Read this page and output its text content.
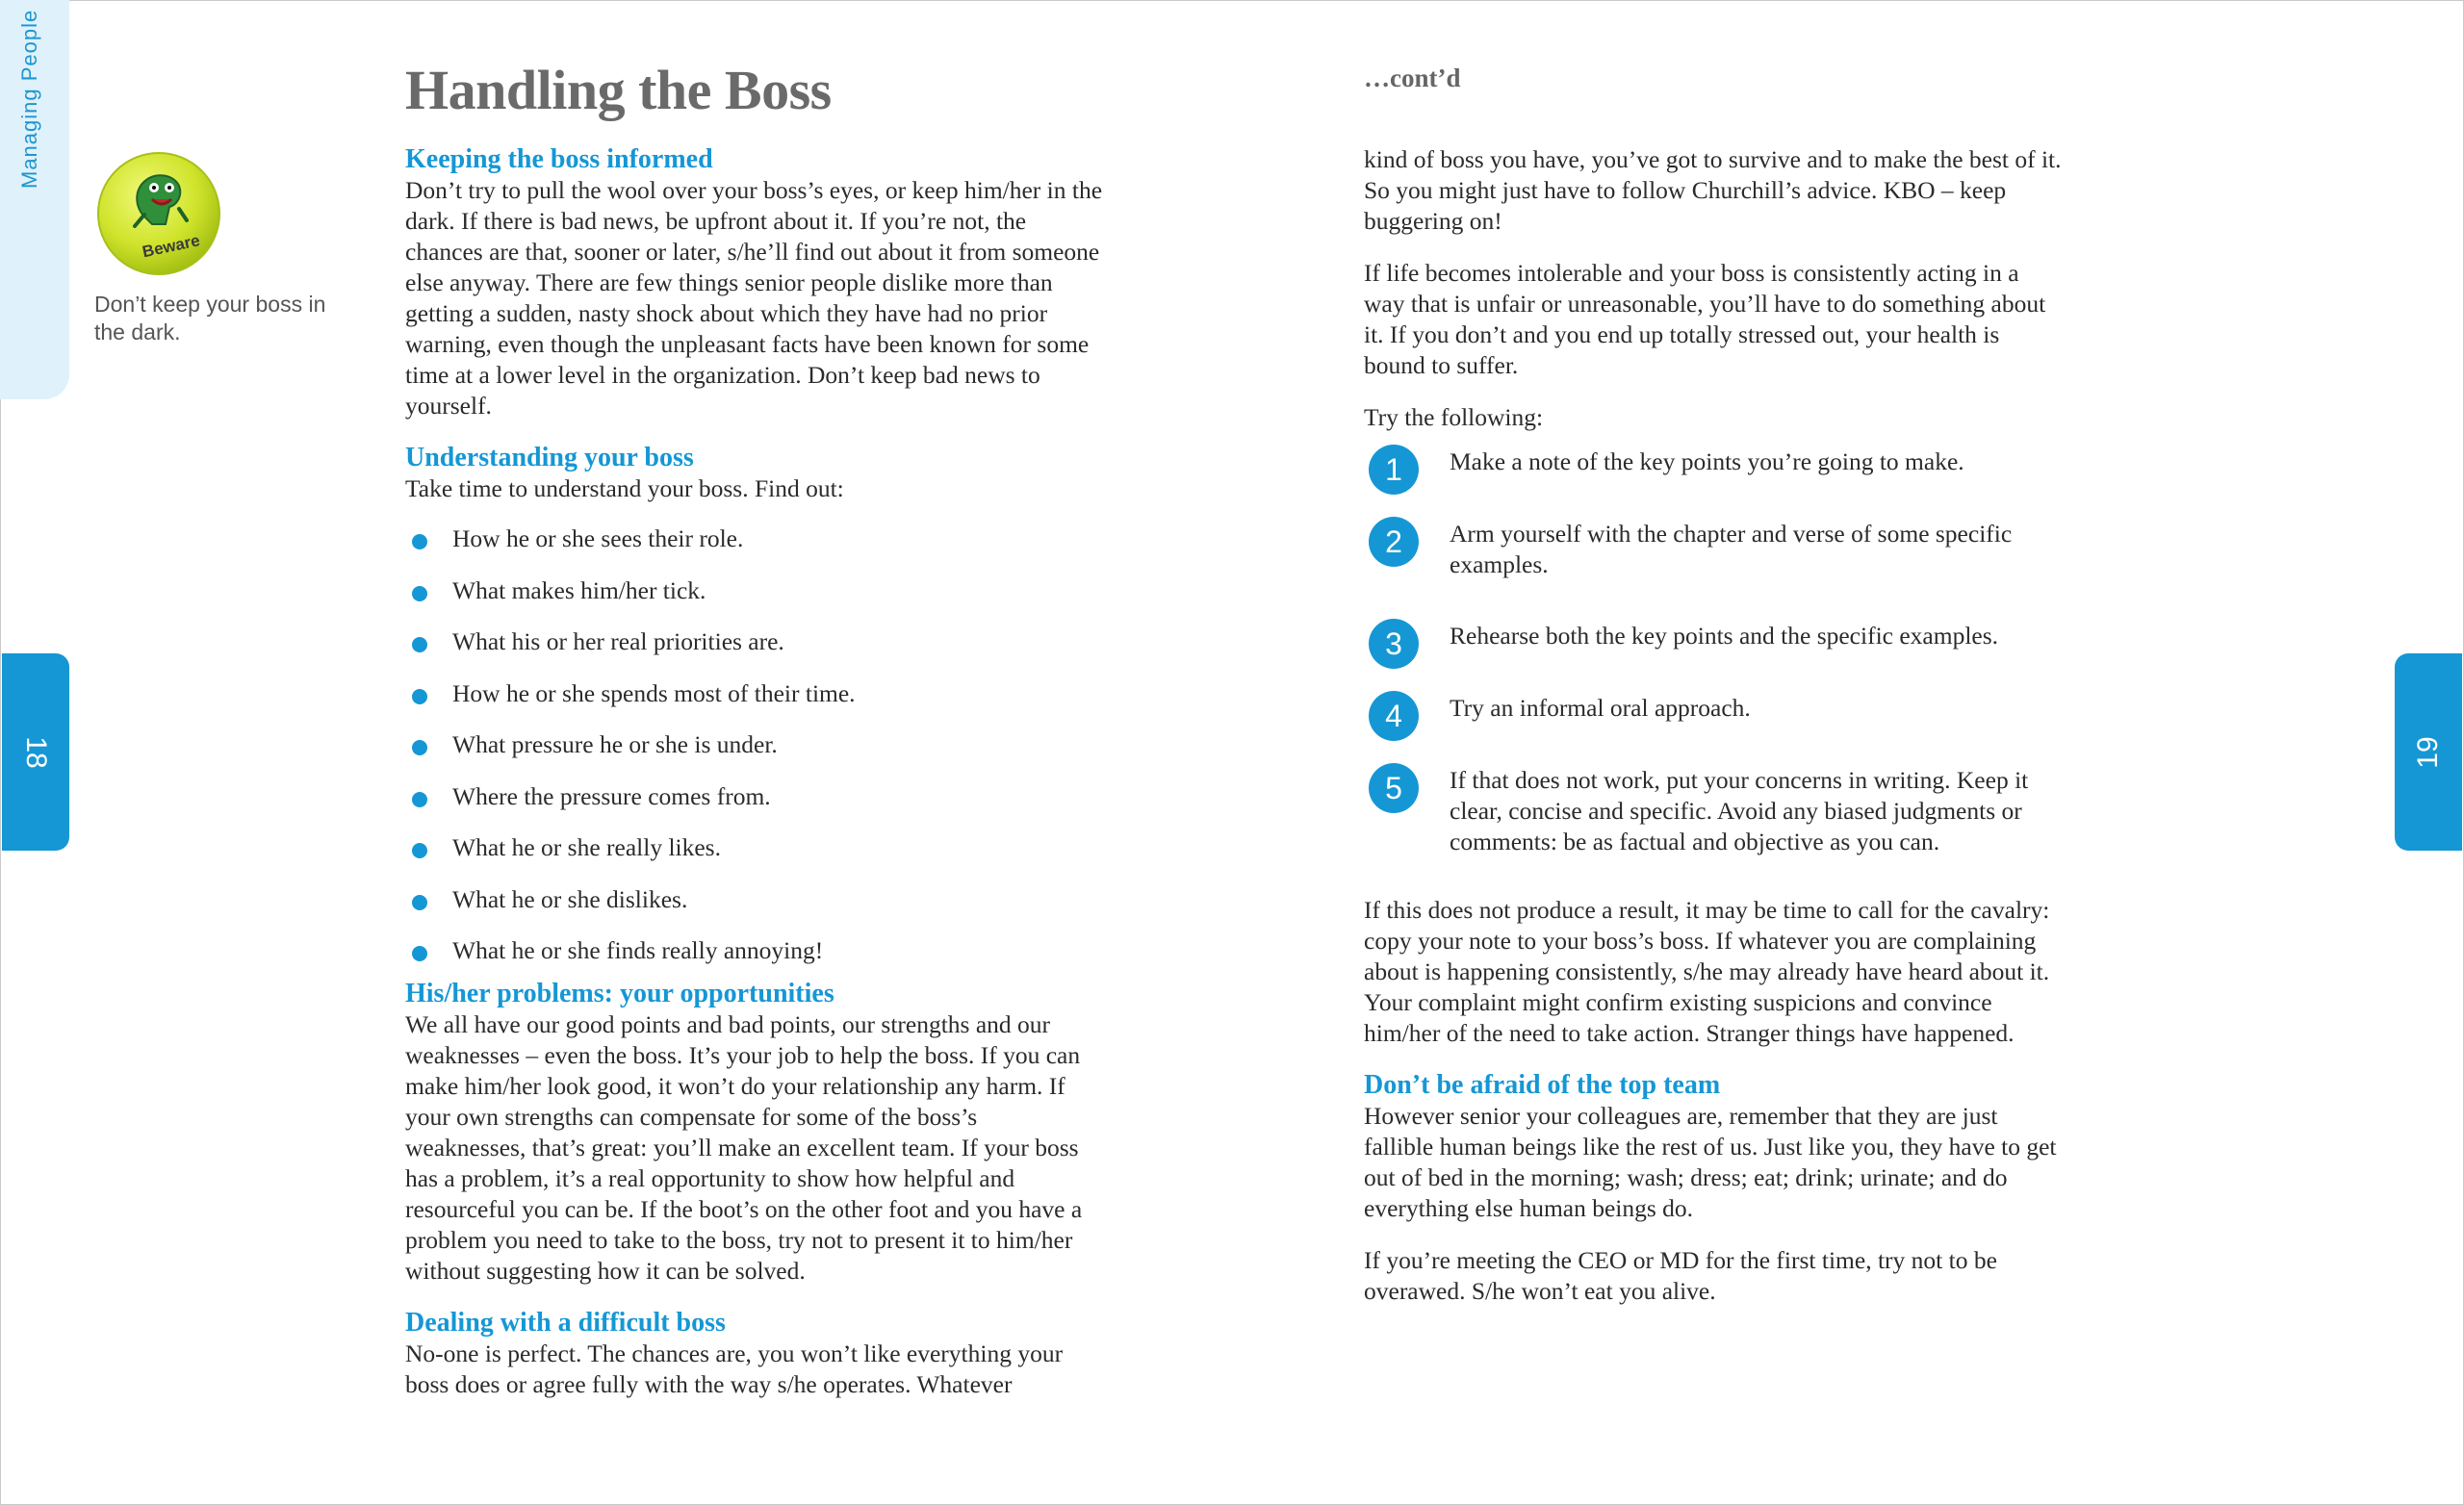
Managing People
18	19
Beware
Don’t keep your boss in the dark.
Handling the Boss	…cont’d
Keeping the boss informed

Don’t try to pull the wool over your boss’s eyes, or keep him/her in the dark. If there is bad news, be upfront about it. If you’re not, the chances are that, sooner or later, s/he’ll find out about it from someone else anyway. There are few things senior people dislike more than getting a sudden, nasty shock about which they have had no prior warning, even though the unpleasant facts have been known for some time at a lower level in the organization. Don’t keep bad news to yourself.

Understanding your boss

Take time to understand your boss. Find out:

How he or she sees their role.
What makes him/her tick.
What his or her real priorities are.
How he or she spends most of their time.
What pressure he or she is under.
Where the pressure comes from.
What he or she really likes.
What he or she dislikes.
What he or she finds really annoying!
His/her problems: your opportunities

We all have our good points and bad points, our strengths and our weaknesses – even the boss. It’s your job to help the boss. If you can make him/her look good, it won’t do your relationship any harm. If your own strengths can compensate for some of the boss’s weaknesses, that’s great: you’ll make an excellent team. If your boss has a problem, it’s a real opportunity to show how helpful and resourceful you can be. If the boot’s on the other foot and you have a problem you need to take to the boss, try not to present it to him/her without suggesting how it can be solved.

Dealing with a difficult boss

No-one is perfect. The chances are, you won’t like everything your boss does or agree fully with the way s/he operates. Whatever

kind of boss you have, you’ve got to survive and to make the best of it. So you might just have to follow Churchill’s advice. KBO – keep buggering on!

If life becomes intolerable and your boss is consistently acting in a way that is unfair or unreasonable, you’ll have to do something about it. If you don’t and you end up totally stressed out, your health is bound to suffer.

Try the following:

1	Make a note of the key points you’re going to make.
2	Arm yourself with the chapter and verse of some specific examples.
3	Rehearse both the key points and the specific examples.
4	Try an informal oral approach.
5	If that does not work, put your concerns in writing. Keep it clear, concise and specific. Avoid any biased judgments or comments: be as factual and objective as you can.

If this does not produce a result, it may be time to call for the cavalry: copy your note to your boss’s boss. If whatever you are complaining about is happening consistently, s/he may already have heard about it. Your complaint might confirm existing suspicions and convince him/her of the need to take action. Stranger things have happened.

Don’t be afraid of the top team

However senior your colleagues are, remember that they are just fallible human beings like the rest of us. Just like you, they have to get out of bed in the morning; wash; dress; eat; drink; urinate; and do everything else human beings do.

If you’re meeting the CEO or MD for the first time, try not to be overawed. S/he won’t eat you alive.
